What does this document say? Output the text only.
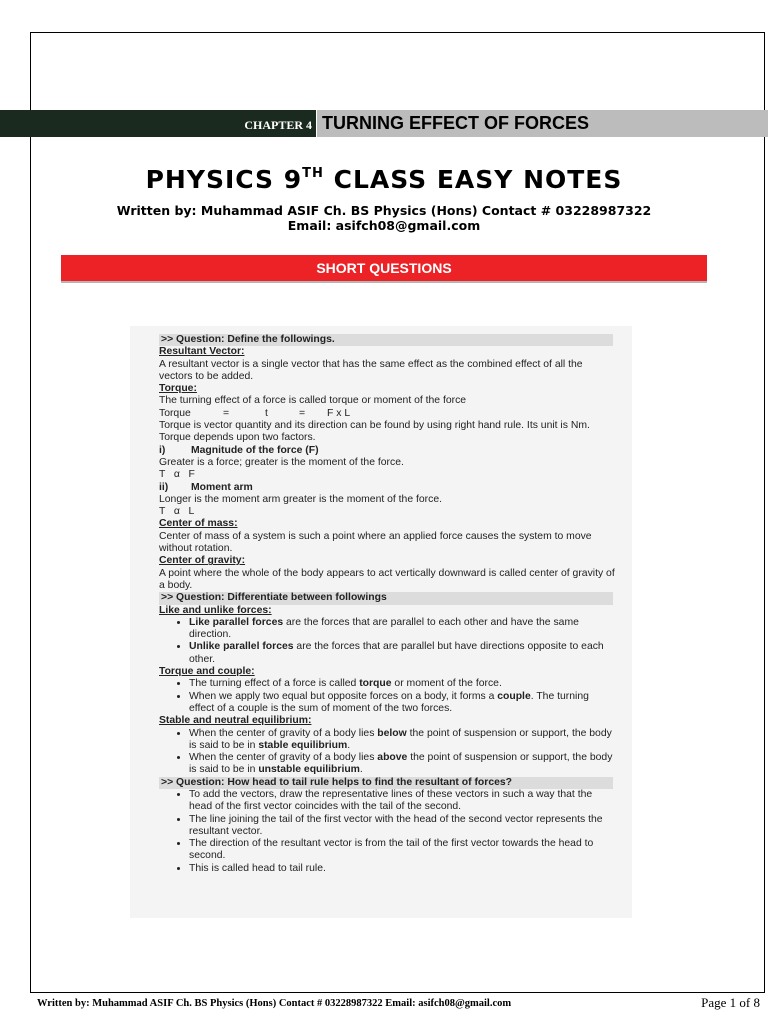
CHAPTER 4 TURNING EFFECT OF FORCES
PHYSICS 9TH CLASS EASY NOTES
Written by: Muhammad ASIF Ch. BS Physics (Hons) Contact # 03228987322
Email: asifch08@gmail.com
SHORT QUESTIONS

>> Question: Define the followings.

Resultant Vector:

A resultant vector is a single vector that has the same effect as the combined effect of all the vectors to be added.

Torque:

The turning effect of a force is called torque or moment of the force

Torque	=	t	= F x L

Torque is vector quantity and its direction can be found by using right hand rule. Its unit is Nm. Torque depends upon two factors.

i) Magnitude of the force (F)

Greater is a force; greater is the moment of the force.

T   α   F

ii) Moment arm

Longer is the moment arm greater is the moment of the force.

T   α   L

Center of mass:

Center of mass of a system is such a point where an applied force causes the system to move without rotation.

Center of gravity:

A point where the whole of the body appears to act vertically downward is called center of gravity of a body.

>> Question: Differentiate between followings

Like and unlike forces:

• Like parallel forces are the forces that are parallel to each other and have the same direction.
• Unlike parallel forces are the forces that are parallel but have directions opposite to each other.

Torque and couple:

• The turning effect of a force is called torque or moment of the force.
• When we apply two equal but opposite forces on a body, it forms a couple. The turning effect of a couple is the sum of moment of the two forces.

Stable and neutral equilibrium:

• When the center of gravity of a body lies below the point of suspension or support, the body is said to be in stable equilibrium.
• When the center of gravity of a body lies above the point of suspension or support, the body is said to be in unstable equilibrium.

>> Question: How head to tail rule helps to find the resultant of forces?

• To add the vectors, draw the representative lines of these vectors in such a way that the head of the first vector coincides with the tail of the second.
• The line joining the tail of the first vector with the head of the second vector represents the resultant vector.
• The direction of the resultant vector is from the tail of the first vector towards the head to second.
• This is called head to tail rule.
Written by: Muhammad ASIF Ch. BS Physics (Hons) Contact # 03228987322 Email: asifch08@gmail.com	Page 1 of 8
